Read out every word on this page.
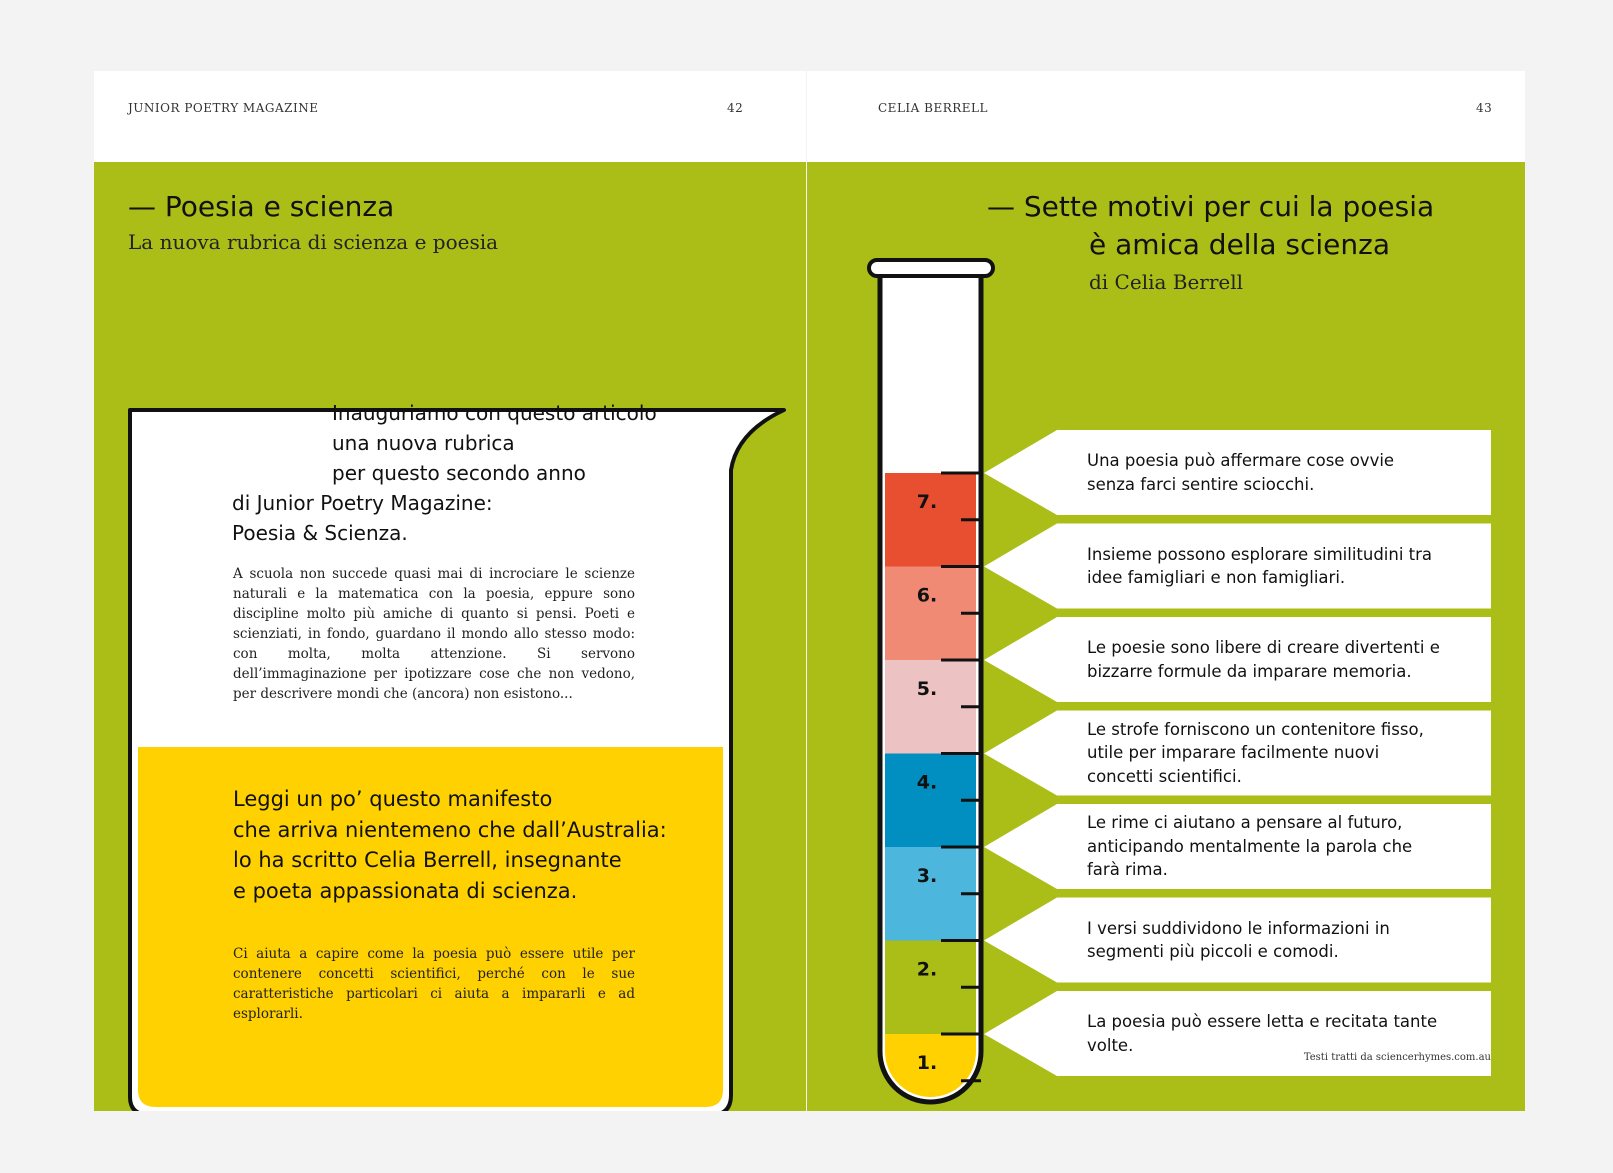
JUNIOR POETRY MAGAZINE	42
— Poesia e scienza
La nuova rubrica di scienza e poesia

Inauguriamo con questo articolo
una nuova rubrica
per questo secondo anno
di Junior Poetry Magazine:
Poesia & Scienza.

A scuola non succede quasi mai di incrociare le scienze naturali e la matematica con la poesia, eppure sono discipline molto più amiche di quanto si pensi. Poeti e scienziati, in fondo, guardano il mondo allo stesso modo: con molta, molta attenzione. Si servono dell’immaginazione per ipotizzare cose che non vedono, per descrivere mondi che (ancora) non esistono...
Leggi un po’ questo manifesto
che arriva nientemeno che dall’Australia:
lo ha scritto Celia Berrell, insegnante
e poeta appassionata di scienza.
Ci aiuta a capire come la poesia può essere utile per contenere concetti scientifici, perché con le sue caratteristiche particolari ci aiuta a impararli e ad esplorarli.
CELIA BERRELL	43
— Sette motivi per cui la poesia
è amica della scienza
di Celia Berrell
7.
Una poesia può affermare cose ovvie senza farci sentire sciocchi.
6.
Insieme possono esplorare similitudini tra idee famigliari e non famigliari.
5.
Le poesie sono libere di creare divertenti e bizzarre formule da imparare memoria.
4.
Le strofe forniscono un contenitore fisso, utile per imparare facilmente nuovi concetti scientifici.
3.
Le rime ci aiutano a pensare al futuro, anticipando mentalmente la parola che farà rima.
2.
I versi suddividono le informazioni in segmenti più piccoli e comodi.
1.
La poesia può essere letta e recitata tante volte.
Testi tratti da sciencerhymes.com.au
